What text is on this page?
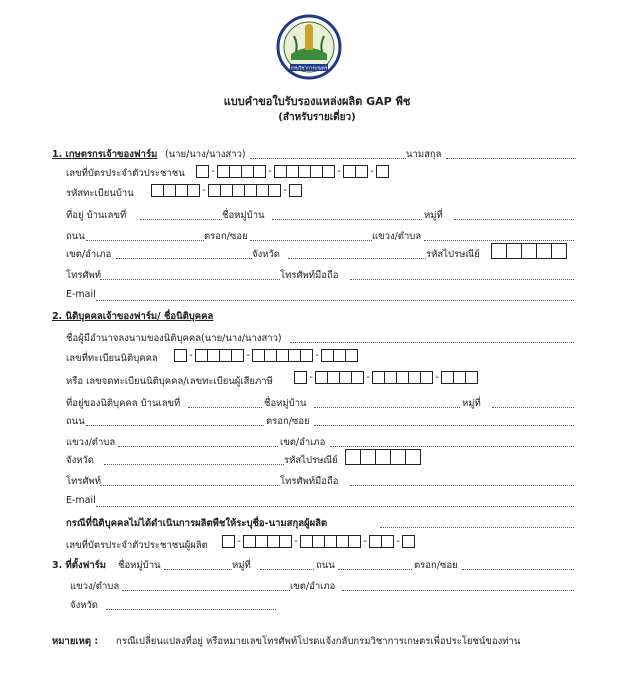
กรมวิชาการเกษตร
แบบคำขอใบรับรองแหล่งผลิต GAP พืช
(สำหรับรายเดี่ยว)
1. เกษตรกรเจ้าของฟาร์ม (นาย/นาง/นางสาว)	นามสกุล
เลขที่บัตรประจำตัวประชาชน	-	-	-	-
รหัสทะเบียนบ้าน	-	-
ที่อยู่ บ้านเลขที่	ชื่อหมู่บ้าน	หมู่ที่
ถนน	ตรอก/ซอย	แขวง/ตำบล
เขต/อำเภอ	จังหวัด	รหัสไปรษณีย์
โทรศัพท์	โทรศัพท์มือถือ
E-mail
2. นิติบุคคลเจ้าของฟาร์ม/ ชื่อนิติบุคคล
ชื่อผู้มีอำนาจลงนามของนิติบุคคล(นาย/นาง/นางสาว)
เลขที่ทะเบียนนิติบุคคล	-	-	-
หรือ เลขจดทะเบียนนิติบุคคล/เลขทะเบียนผู้เสียภาษี	-	-	-
ที่อยู่ของนิติบุคคล บ้านเลขที่	ชื่อหมู่บ้าน	หมู่ที่
ถนน	ตรอก/ซอย
แขวง/ตำบล	เขต/อำเภอ
จังหวัด	รหัสไปรษณีย์
โทรศัพท์	โทรศัพท์มือถือ
E-mail
กรณีที่นิติบุคคลไม่ได้ดำเนินการผลิตพืชให้ระบุชื่อ-นามสกุลผู้ผลิต
เลขที่บัตรประจำตัวประชาชนผู้ผลิต	-	-	-	-
3. ที่ตั้งฟาร์ม ชื่อหมู่บ้าน	หมู่ที่	ถนน	ตรอก/ซอย
แขวง/ตำบล	เขต/อำเภอ
จังหวัด
หมายเหตุ : กรณีเปลี่ยนแปลงที่อยู่ หรือหมายเลขโทรศัพท์โปรดแจ้งกลับกรมวิชาการเกษตรเพื่อประโยชน์ของท่าน
